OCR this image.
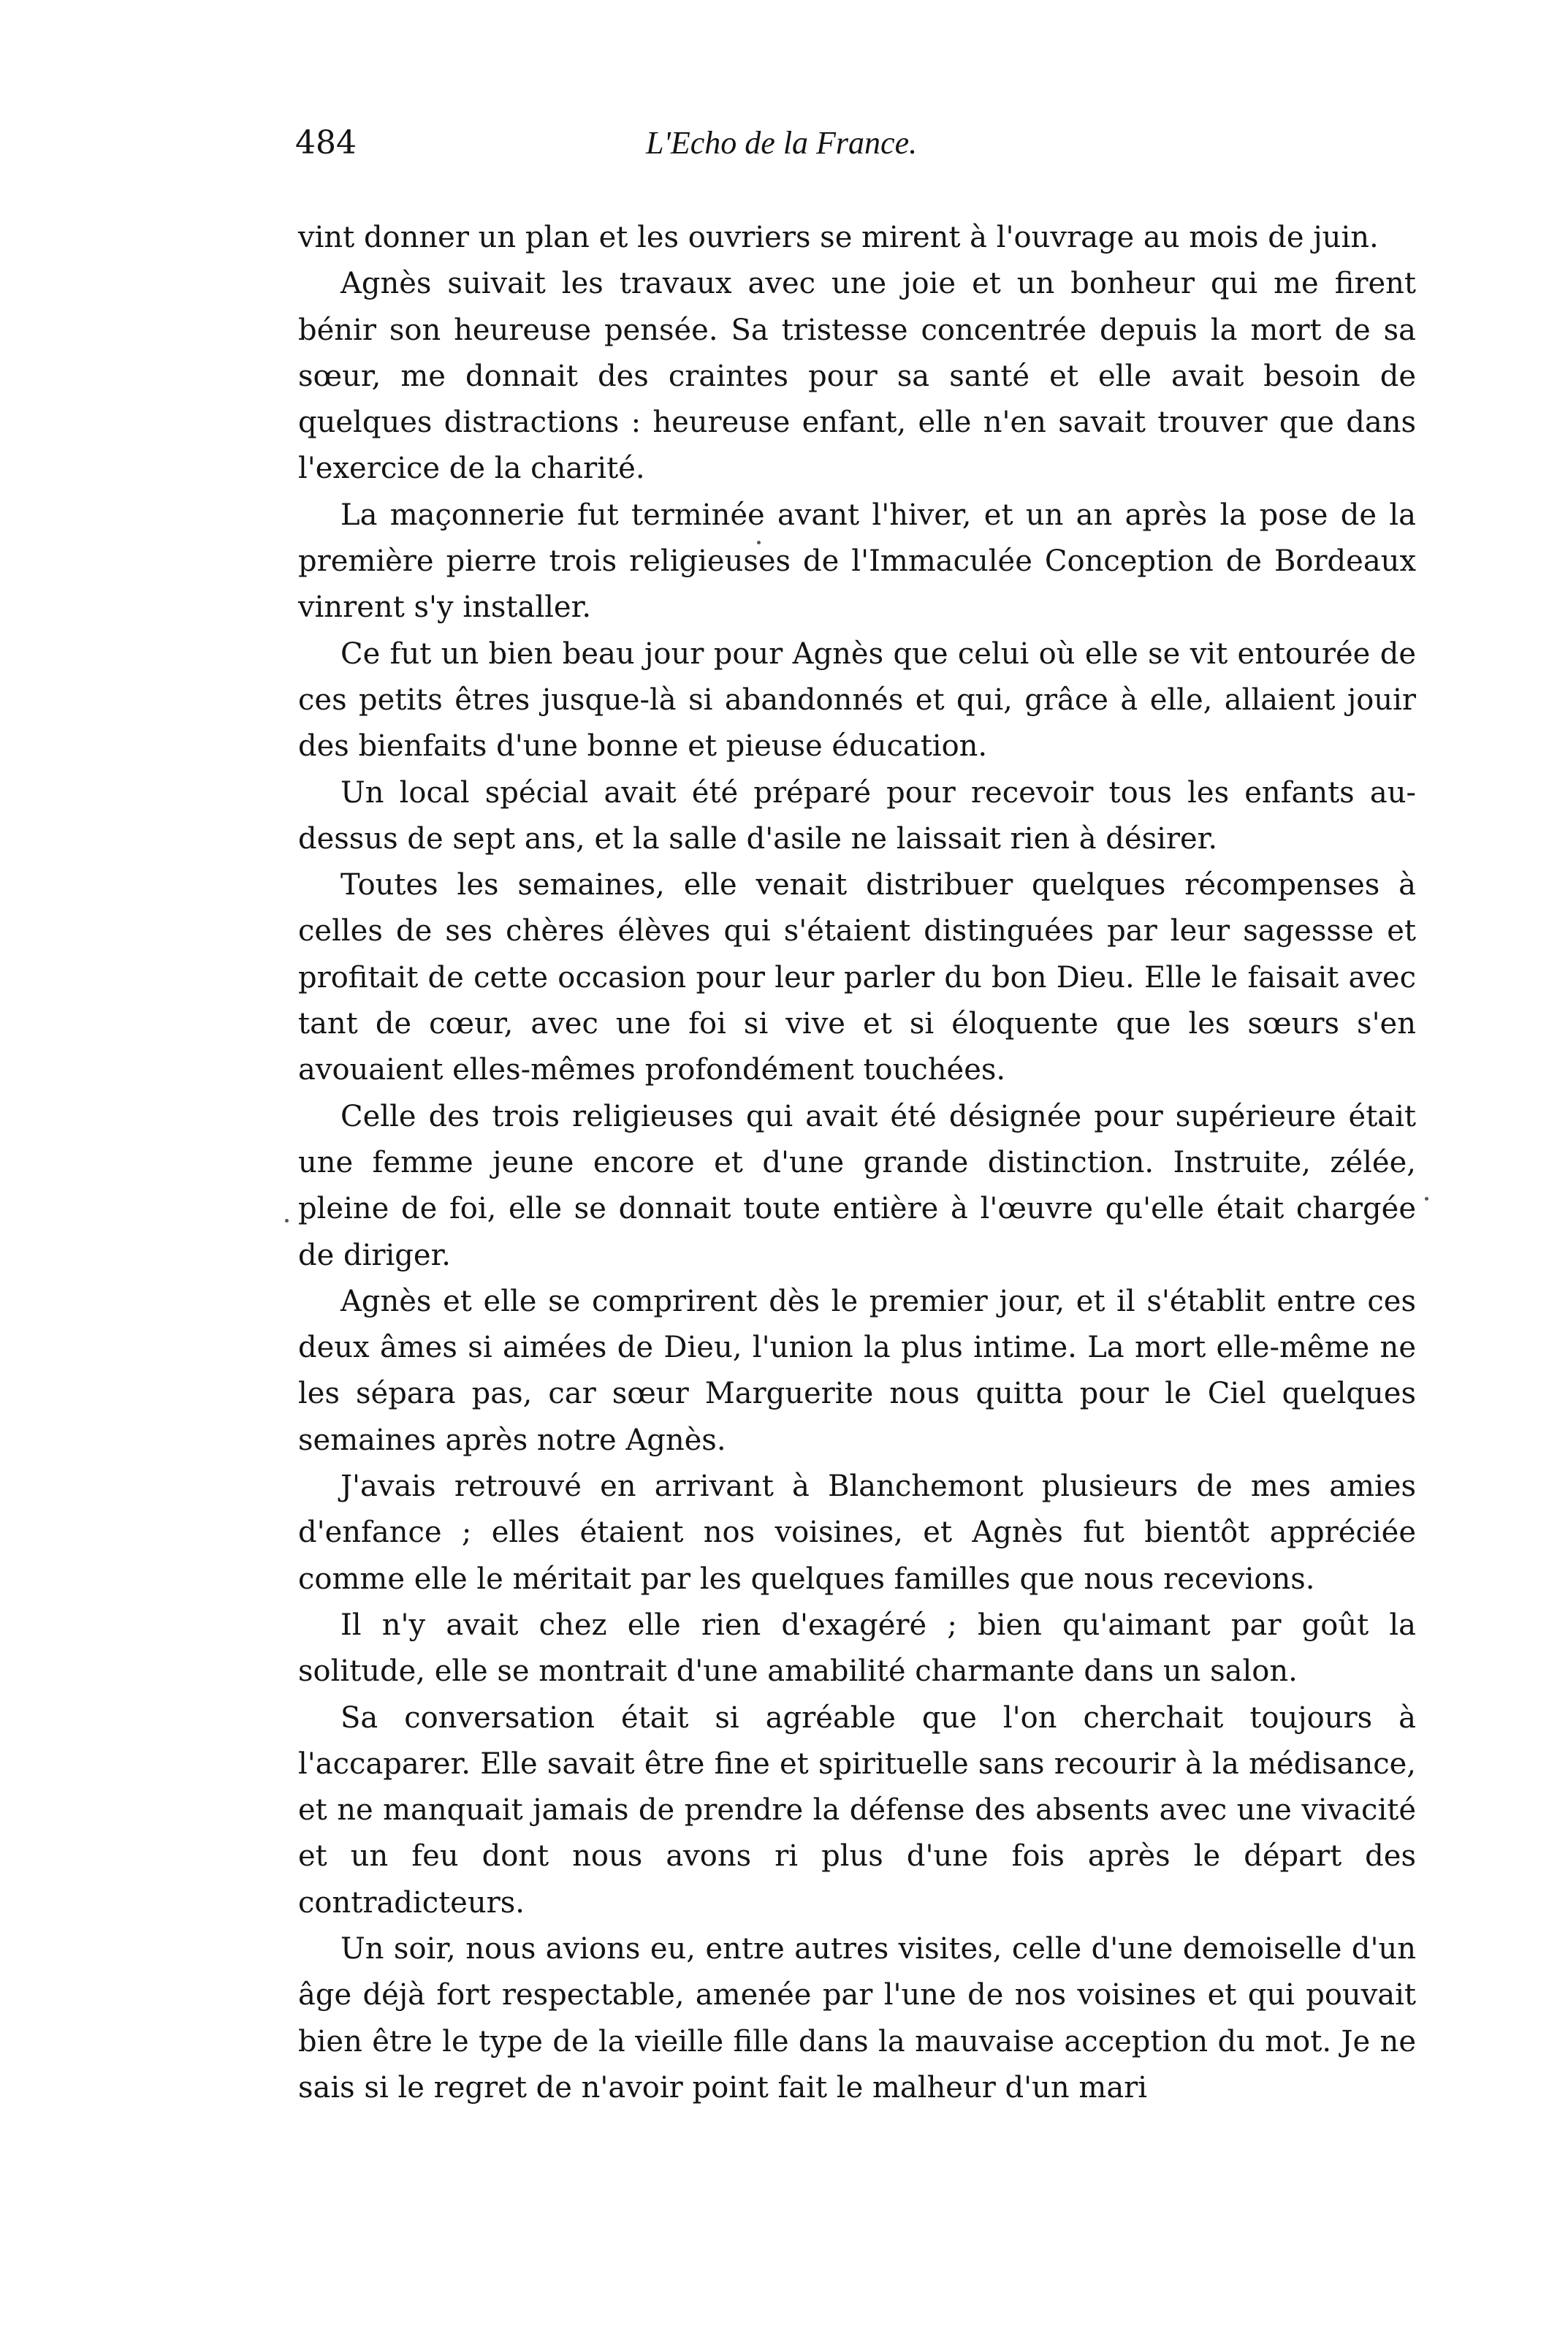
484	L'Echo de la France.

vint donner un plan et les ouvriers se mirent à l'ouvrage au mois de juin.

Agnès suivait les travaux avec une joie et un bonheur qui me firent bénir son heureuse pensée. Sa tristesse concentrée depuis la mort de sa sœur, me donnait des craintes pour sa santé et elle avait besoin de quelques distractions : heureuse enfant, elle n'en savait trouver que dans l'exercice de la charité.

La maçonnerie fut terminée avant l'hiver, et un an après la pose de la première pierre trois religieuses de l'Immaculée Conception de Bordeaux vinrent s'y installer.

Ce fut un bien beau jour pour Agnès que celui où elle se vit entourée de ces petits êtres jusque-là si abandonnés et qui, grâce à elle, allaient jouir des bienfaits d'une bonne et pieuse éducation.

Un local spécial avait été préparé pour recevoir tous les enfants au-dessus de sept ans, et la salle d'asile ne laissait rien à désirer.

Toutes les semaines, elle venait distribuer quelques récompenses à celles de ses chères élèves qui s'étaient distinguées par leur sagessse et profitait de cette occasion pour leur parler du bon Dieu. Elle le faisait avec tant de cœur, avec une foi si vive et si éloquente que les sœurs s'en avouaient elles-mêmes profondément touchées.

Celle des trois religieuses qui avait été désignée pour supérieure était une femme jeune encore et d'une grande distinction. Instruite, zélée, pleine de foi, elle se donnait toute entière à l'œuvre qu'elle était chargée de diriger.

Agnès et elle se comprirent dès le premier jour, et il s'établit entre ces deux âmes si aimées de Dieu, l'union la plus intime. La mort elle-même ne les sépara pas, car sœur Marguerite nous quitta pour le Ciel quelques semaines après notre Agnès.

J'avais retrouvé en arrivant à Blanchemont plusieurs de mes amies d'enfance ; elles étaient nos voisines, et Agnès fut bientôt appréciée comme elle le méritait par les quelques familles que nous recevions.

Il n'y avait chez elle rien d'exagéré ; bien qu'aimant par goût la solitude, elle se montrait d'une amabilité charmante dans un salon.

Sa conversation était si agréable que l'on cherchait toujours à l'accaparer. Elle savait être fine et spirituelle sans recourir à la médisance, et ne manquait jamais de prendre la défense des absents avec une vivacité et un feu dont nous avons ri plus d'une fois après le départ des contradicteurs.

Un soir, nous avions eu, entre autres visites, celle d'une demoiselle d'un âge déjà fort respectable, amenée par l'une de nos voisines et qui pouvait bien être le type de la vieille fille dans la mauvaise acception du mot. Je ne sais si le regret de n'avoir point fait le malheur d'un mari
